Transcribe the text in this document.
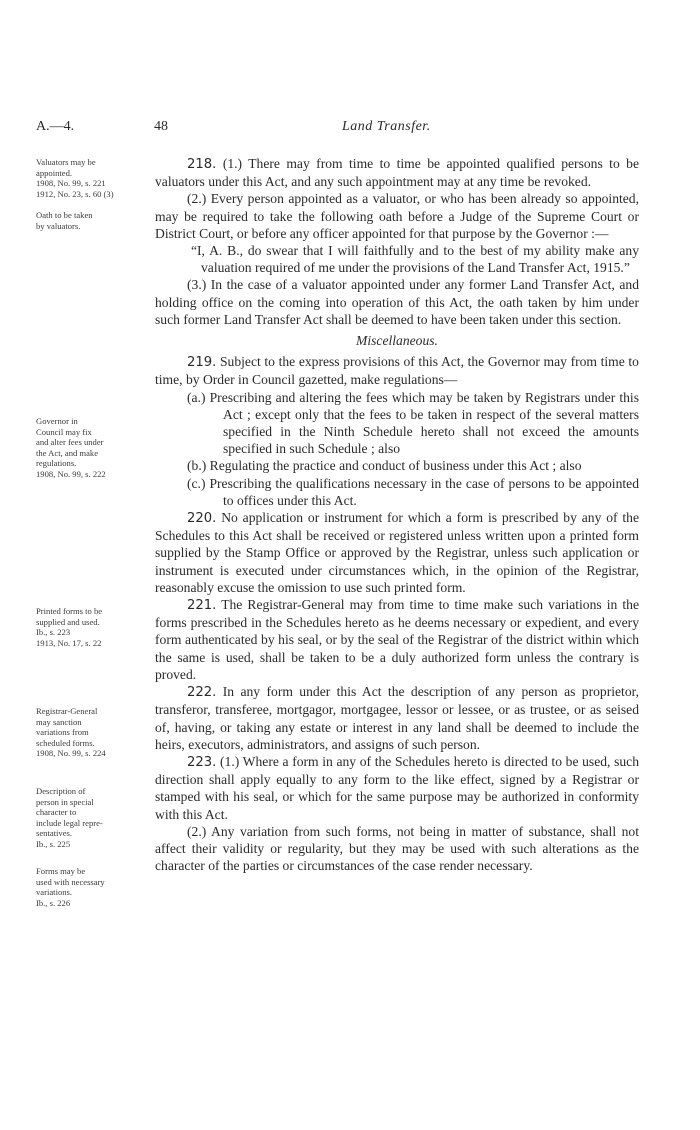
A.—4.	48	Land Transfer.
Valuators may be
appointed.
1908, No. 99, s. 221
1912, No. 23, s. 60 (3)
Oath to be taken
by valuators.
Governor in
Council may fix
and alter fees under
the Act, and make
regulations.
1908, No. 99, s. 222
Printed forms to be
supplied and used.
Ib., s. 223
1913, No. 17, s. 22
Registrar-General
may sanction
variations from
scheduled forms.
1908, No. 99, s. 224
Description of
person in special
character to
include legal repre-
sentatives.
Ib., s. 225
Forms may be
used with necessary
variations.
Ib., s. 226

218. (1.) There may from time to time be appointed qualified persons to be valuators under this Act, and any such appointment may at any time be revoked.

(2.) Every person appointed as a valuator, or who has been already so appointed, may be required to take the following oath before a Judge of the Supreme Court or District Court, or before any officer appointed for that purpose by the Governor :—

“I, A. B., do swear that I will faithfully and to the best of my ability make any valuation required of me under the provisions of the Land Transfer Act, 1915.”

(3.) In the case of a valuator appointed under any former Land Transfer Act, and holding office on the coming into operation of this Act, the oath taken by him under such former Land Transfer Act shall be deemed to have been taken under this section.

Miscellaneous.

219. Subject to the express provisions of this Act, the Governor may from time to time, by Order in Council gazetted, make regulations—

(a.) Prescribing and altering the fees which may be taken by Registrars under this Act ; except only that the fees to be taken in respect of the several matters specified in the Ninth Schedule hereto shall not exceed the amounts specified in such Schedule ; also

(b.) Regulating the practice and conduct of business under this Act ; also

(c.) Prescribing the qualifications necessary in the case of persons to be appointed to offices under this Act.

220. No application or instrument for which a form is prescribed by any of the Schedules to this Act shall be received or registered unless written upon a printed form supplied by the Stamp Office or approved by the Registrar, unless such application or instrument is executed under circumstances which, in the opinion of the Registrar, reasonably excuse the omission to use such printed form.

221. The Registrar-General may from time to time make such variations in the forms prescribed in the Schedules hereto as he deems necessary or expedient, and every form authenticated by his seal, or by the seal of the Registrar of the district within which the same is used, shall be taken to be a duly authorized form unless the contrary is proved.

222. In any form under this Act the description of any person as proprietor, transferor, transferee, mortgagor, mortgagee, lessor or lessee, or as trustee, or as seised of, having, or taking any estate or interest in any land shall be deemed to include the heirs, executors, administrators, and assigns of such person.

223. (1.) Where a form in any of the Schedules hereto is directed to be used, such direction shall apply equally to any form to the like effect, signed by a Registrar or stamped with his seal, or which for the same purpose may be authorized in conformity with this Act.

(2.) Any variation from such forms, not being in matter of substance, shall not affect their validity or regularity, but they may be used with such alterations as the character of the parties or circumstances of the case render necessary.
